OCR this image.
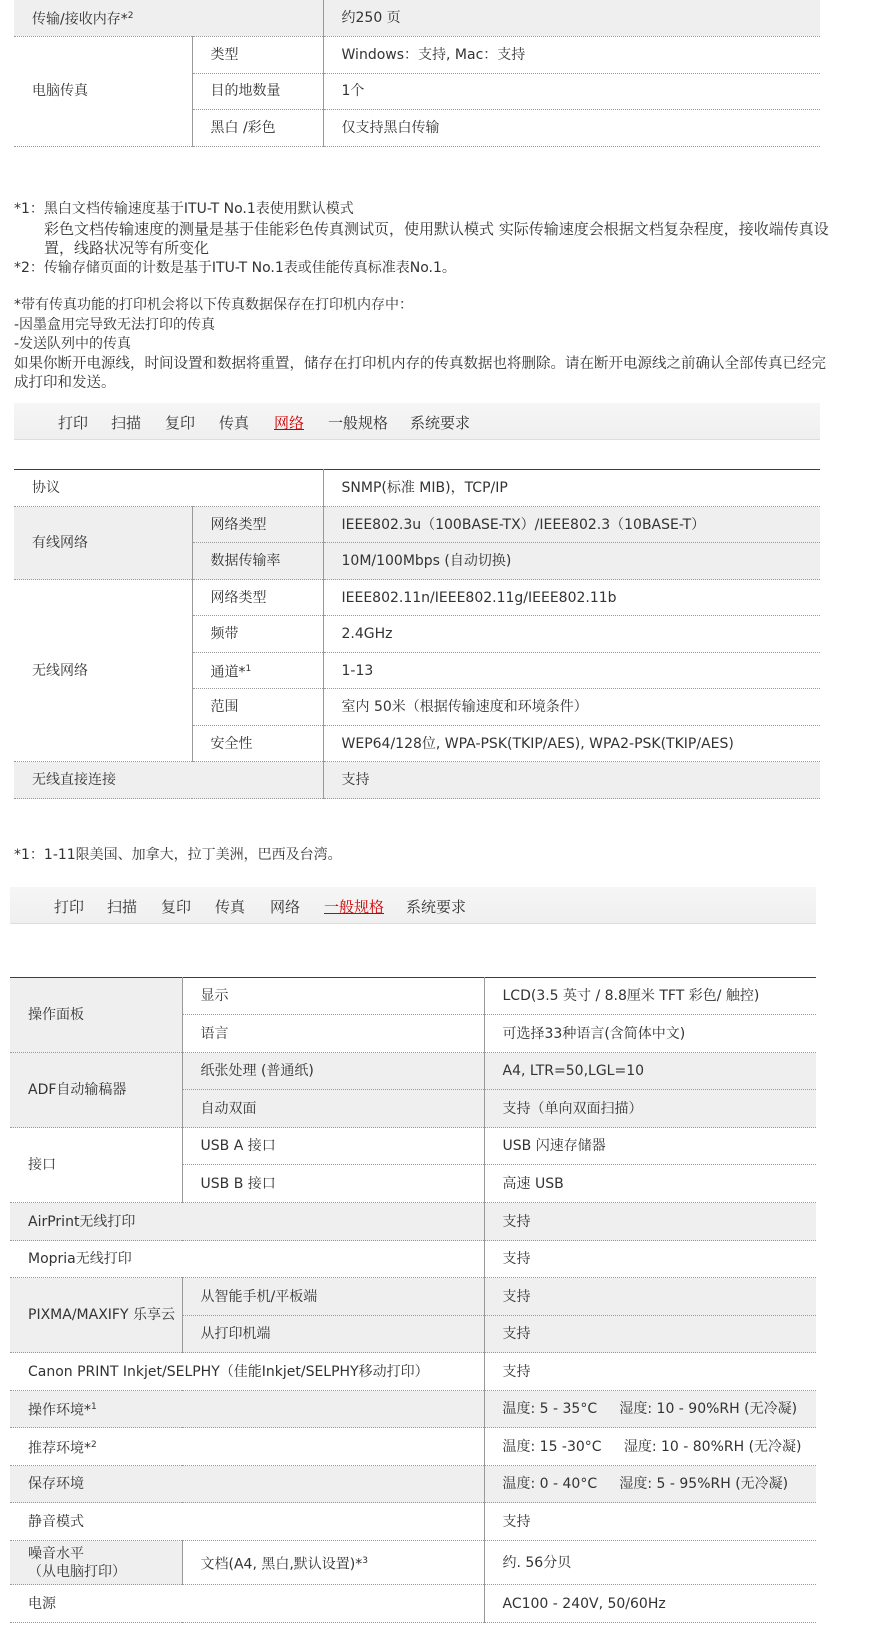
传输/接收内存*$^2$		约250 页
电脑传真	类型	Windows：支持, Mac：支持
	目的地数量	1个
	黑白 /彩色	仅支持黑白传输

*1：黑白文档传输速度基于ITU-T No.1表使用默认模式

彩色文档传输速度的测量是基于佳能彩色传真测试页，使用默认模式 实际传输速度会根据文档复杂程度，接收端传真设置，线路状况等有所变化

*2：传输存储页面的计数是基于ITU-T No.1表或佳能传真标准表No.1。

*带有传真功能的打印机会将以下传真数据保存在打印机内存中：

-因墨盒用完导致无法打印的传真

-发送队列中的传真

如果你断开电源线，时间设置和数据将重置，储存在打印机内存的传真数据也将删除。请在断开电源线之前确认全部传真已经完成打印和发送。

打印 扫描 复印 传真 网络 一般规格 系统要求
协议		SNMP(标准 MIB)，TCP/IP
有线网络	网络类型	IEEE802.3u（100BASE-TX）/IEEE802.3（10BASE-T）
	数据传输率	10M/100Mbps (自动切换)
无线网络	网络类型	IEEE802.11n/IEEE802.11g/IEEE802.11b
	频带	2.4GHz
	通道*$^1$	1-13
	范围	室内 50米（根据传输速度和环境条件）
	安全性	WEP64/128位, WPA-PSK(TKIP/AES), WPA2-PSK(TKIP/AES)
无线直接连接		支持
*1：1-11限美国、加拿大，拉丁美洲，巴西及台湾。
打印 扫描 复印 传真 网络 一般规格 系统要求
操作面板	显示	LCD(3.5 英寸 / 8.8厘米 TFT 彩色/ 触控)
	语言	可选择33种语言(含简体中文)
ADF自动输稿器	纸张处理 (普通纸)	A4, LTR=50,LGL=10
	自动双面	支持（单向双面扫描）
接口	USB A 接口	USB 闪速存储器
	USB B 接口	高速 USB
AirPrint无线打印		支持
Mopria无线打印		支持
PIXMA/MAXIFY 乐享云	从智能手机/平板端	支持
	从打印机端	支持
Canon PRINT Inkjet/SELPHY（佳能Inkjet/SELPHY移动打印）		支持
操作环境*$^1$		温度: 5 - 35°C     湿度: 10 - 90%RH (无冷凝)
推荐环境*$^2$		温度: 15 -30°C     湿度: 10 - 80%RH (无冷凝)
保存环境		温度: 0 - 40°C     湿度: 5 - 95%RH (无冷凝)
静音模式		支持

噪音水平
（从电脑打印）	文档(A4, 黑白,默认设置)*$^3$	约. 56分贝
电源		AC100 - 240V, 50/60Hz
